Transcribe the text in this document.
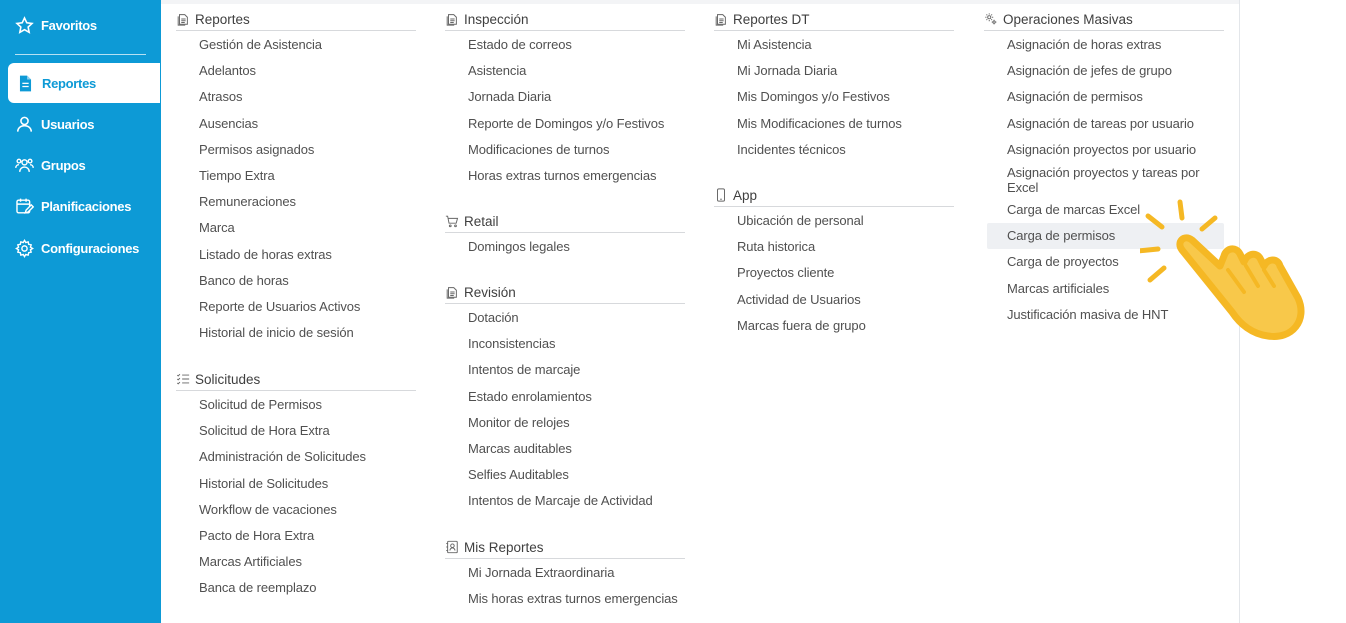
Favoritos
Reportes
Usuarios
Grupos
Planificaciones
Configuraciones
Reportes
Gestión de Asistencia
Adelantos
Atrasos
Ausencias
Permisos asignados
Tiempo Extra
Remuneraciones
Marca
Listado de horas extras
Banco de horas
Reporte de Usuarios Activos
Historial de inicio de sesión
Solicitudes
Solicitud de Permisos
Solicitud de Hora Extra
Administración de Solicitudes
Historial de Solicitudes
Workflow de vacaciones
Pacto de Hora Extra
Marcas Artificiales
Banca de reemplazo
Inspección
Estado de correos
Asistencia
Jornada Diaria
Reporte de Domingos y/o Festivos
Modificaciones de turnos
Horas extras turnos emergencias
Retail
Domingos legales
Revisión
Dotación
Inconsistencias
Intentos de marcaje
Estado enrolamientos
Monitor de relojes
Marcas auditables
Selfies Auditables
Intentos de Marcaje de Actividad
Mis Reportes
Mi Jornada Extraordinaria
Mis horas extras turnos emergencias
Reportes DT
Mi Asistencia
Mi Jornada Diaria
Mis Domingos y/o Festivos
Mis Modificaciones de turnos
Incidentes técnicos
App
Ubicación de personal
Ruta historica
Proyectos cliente
Actividad de Usuarios
Marcas fuera de grupo
Operaciones Masivas
Asignación de horas extras
Asignación de jefes de grupo
Asignación de permisos
Asignación de tareas por usuario
Asignación proyectos por usuario
Asignación proyectos y tareas por Excel
Carga de marcas Excel
Carga de permisos
Carga de proyectos
Marcas artificiales
Justificación masiva de HNT
